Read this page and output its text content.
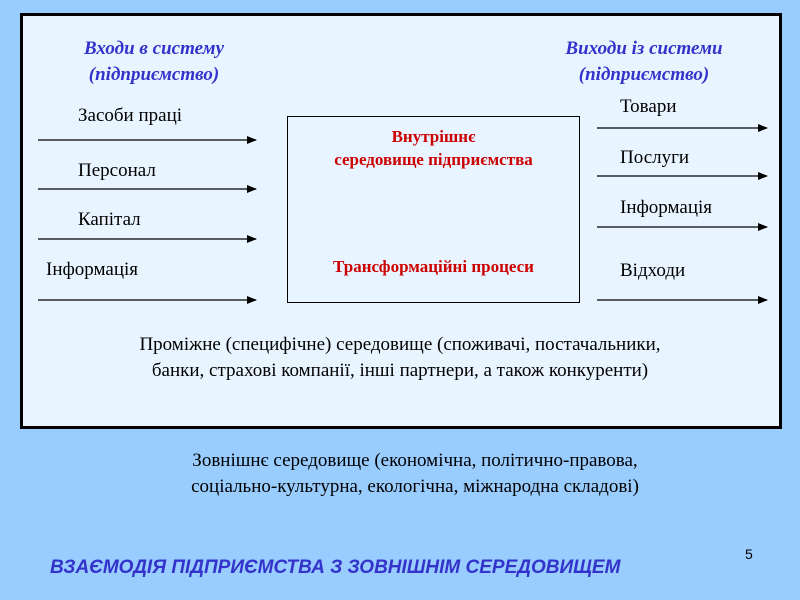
Входи в систему
(підприємство)
Виходи із системи
(підприємство)
Засоби праці
Персонал
Капітал
Інформація
Товари
Послуги
Інформація
Відходи
Внутрішнє
середовище підприємства
Трансформаційні процеси
Проміжне (специфічне) середовище (споживачі, постачальники,
банки, страхові компанії, інші партнери, а також конкуренти)
Зовнішнє середовище (економічна, політично-правова,
соціально-культурна, екологічна, міжнародна складові)
ВЗАЄМОДІЯ ПІДПРИЄМСТВА З ЗОВНІШНІМ СЕРЕДОВИЩЕМ
5
